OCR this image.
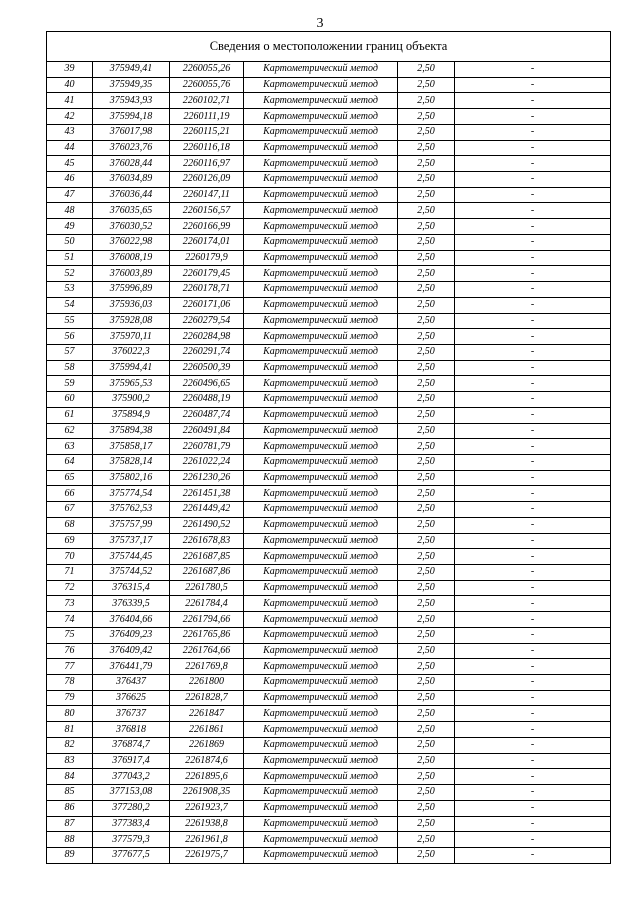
3
Сведения о местоположении границ объекта					
39	375949,41	2260055,26	Картометрический метод	2,50	-
40	375949,35	2260055,76	Картометрический метод	2,50	-
41	375943,93	2260102,71	Картометрический метод	2,50	-
42	375994,18	2260111,19	Картометрический метод	2,50	-
43	376017,98	2260115,21	Картометрический метод	2,50	-
44	376023,76	2260116,18	Картометрический метод	2,50	-
45	376028,44	2260116,97	Картометрический метод	2,50	-
46	376034,89	2260126,09	Картометрический метод	2,50	-
47	376036,44	2260147,11	Картометрический метод	2,50	-
48	376035,65	2260156,57	Картометрический метод	2,50	-
49	376030,52	2260166,99	Картометрический метод	2,50	-
50	376022,98	2260174,01	Картометрический метод	2,50	-
51	376008,19	2260179,9	Картометрический метод	2,50	-
52	376003,89	2260179,45	Картометрический метод	2,50	-
53	375996,89	2260178,71	Картометрический метод	2,50	-
54	375936,03	2260171,06	Картометрический метод	2,50	-
55	375928,08	2260279,54	Картометрический метод	2,50	-
56	375970,11	2260284,98	Картометрический метод	2,50	-
57	376022,3	2260291,74	Картометрический метод	2,50	-
58	375994,41	2260500,39	Картометрический метод	2,50	-
59	375965,53	2260496,65	Картометрический метод	2,50	-
60	375900,2	2260488,19	Картометрический метод	2,50	-
61	375894,9	2260487,74	Картометрический метод	2,50	-
62	375894,38	2260491,84	Картометрический метод	2,50	-
63	375858,17	2260781,79	Картометрический метод	2,50	-
64	375828,14	2261022,24	Картометрический метод	2,50	-
65	375802,16	2261230,26	Картометрический метод	2,50	-
66	375774,54	2261451,38	Картометрический метод	2,50	-
67	375762,53	2261449,42	Картометрический метод	2,50	-
68	375757,99	2261490,52	Картометрический метод	2,50	-
69	375737,17	2261678,83	Картометрический метод	2,50	-
70	375744,45	2261687,85	Картометрический метод	2,50	-
71	375744,52	2261687,86	Картометрический метод	2,50	-
72	376315,4	2261780,5	Картометрический метод	2,50	-
73	376339,5	2261784,4	Картометрический метод	2,50	-
74	376404,66	2261794,66	Картометрический метод	2,50	-
75	376409,23	2261765,86	Картометрический метод	2,50	-
76	376409,42	2261764,66	Картометрический метод	2,50	-
77	376441,79	2261769,8	Картометрический метод	2,50	-
78	376437	2261800	Картометрический метод	2,50	-
79	376625	2261828,7	Картометрический метод	2,50	-
80	376737	2261847	Картометрический метод	2,50	-
81	376818	2261861	Картометрический метод	2,50	-
82	376874,7	2261869	Картометрический метод	2,50	-
83	376917,4	2261874,6	Картометрический метод	2,50	-
84	377043,2	2261895,6	Картометрический метод	2,50	-
85	377153,08	2261908,35	Картометрический метод	2,50	-
86	377280,2	2261923,7	Картометрический метод	2,50	-
87	377383,4	2261938,8	Картометрический метод	2,50	-
88	377579,3	2261961,8	Картометрический метод	2,50	-
89	377677,5	2261975,7	Картометрический метод	2,50	-
